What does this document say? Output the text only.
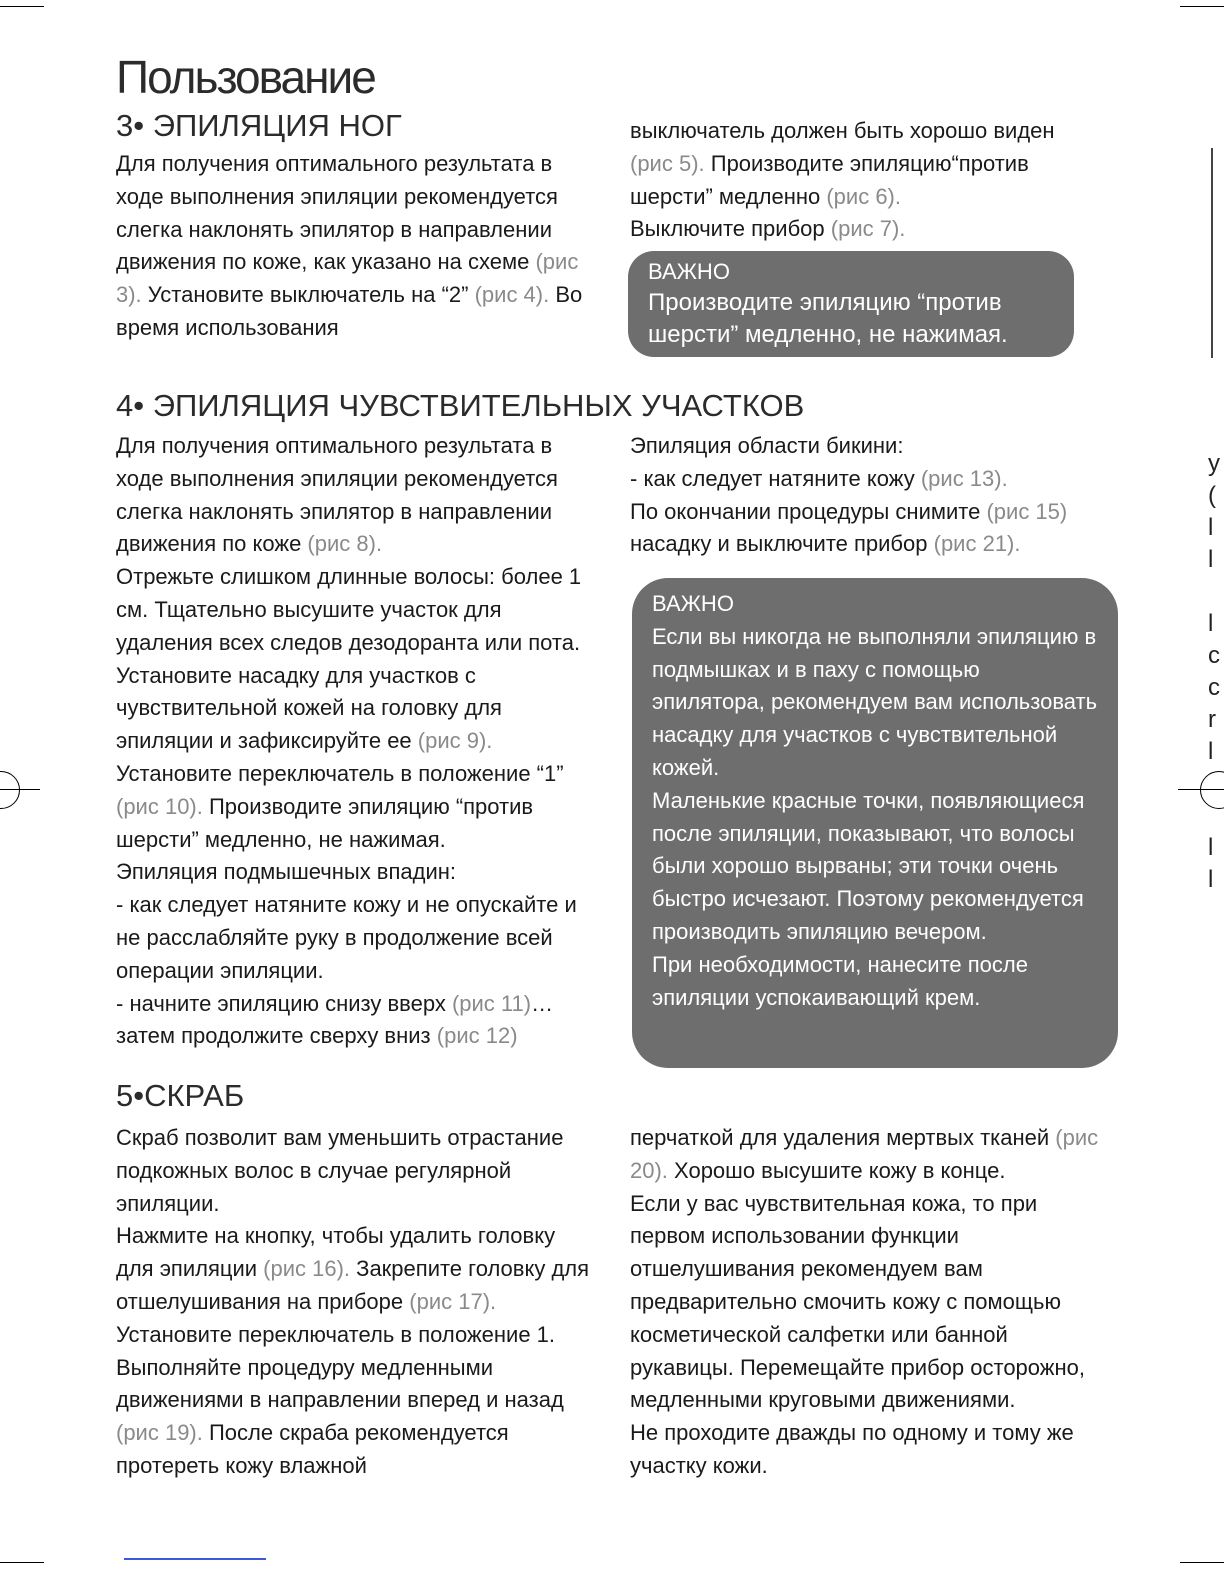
Пользование
3• ЭПИЛЯЦИЯ НОГ

Для получения оптимального результата в ходе выполнения эпиляции рекомендуется слегка наклонять эпилятор в направлении движения по коже, как указано на схеме (рис 3). Установите выключатель на “2” (рис 4). Во время использования

выключатель должен быть хорошо виден (рис 5). Производите эпиляцию“против шерсти” медленно (рис 6).

Выключите прибор (рис 7).

ВАЖНО

Производите эпиляцию “против шерсти” медленно, не нажимая.

4• ЭПИЛЯЦИЯ ЧУВСТВИТЕЛЬНЫХ УЧАСТКОВ

Для получения оптимального результата в ходе выполнения эпиляции рекомендуется слегка наклонять эпилятор в направлении движения по коже (рис 8).

Отрежьте слишком длинные волосы: более 1 см. Тщательно высушите участок для удаления всех следов дезодоранта или пота.

Установите насадку для участков с чувствительной кожей на головку для эпиляции и зафиксируйте ее (рис 9).

Установите переключатель в положение “1” (рис 10). Производите эпиляцию “против шерсти” медленно, не нажимая.

Эпиляция подмышечных впадин:

- как следует натяните кожу и не опускайте и не расслабляйте руку в продолжение всей операции эпиляции.

- начните эпиляцию снизу вверх (рис 11)… затем продолжите сверху вниз (рис 12)

Эпиляция области бикини:

- как следует натяните кожу (рис 13).

По окончании процедуры снимите (рис 15) насадку и выключите прибор (рис 21).

ВАЖНО

Если вы никогда не выполняли эпиляцию в подмышках и в паху с помощью эпилятора, рекомендуем вам использовать насадку для участков с чувствительной кожей.

Маленькие красные точки, появляющиеся после эпиляции, показывают, что волосы были хорошо вырваны; эти точки очень быстро исчезают. Поэтому рекомендуется производить эпиляцию вечером.

При необходимости, нанесите после эпиляции успокаивающий крем.

5•СКРАБ

Скраб позволит вам уменьшить отрастание подкожных волос в случае регулярной эпиляции.

Нажмите на кнопку, чтобы удалить головку для эпиляции (рис 16). Закрепите головку для отшелушивания на приборе (рис 17). Установите переключатель в положение 1. Выполняйте процедуру медленными движениями в направлении вперед и назад (рис 19). После скраба рекомендуется протереть кожу влажной

перчаткой для удаления мертвых тканей (рис 20). Хорошо высушите кожу в конце.

Если у вас чувствительная кожа, то при первом использовании функции отшелушивания рекомендуем вам предварительно смочить кожу с помощью косметической салфетки или банной рукавицы. Перемещайте прибор осторожно, медленными круговыми движениями.

Не проходите дважды по одному и тому же участку кожи.

у
(
l
l

l
c
с
r
l

l
l
